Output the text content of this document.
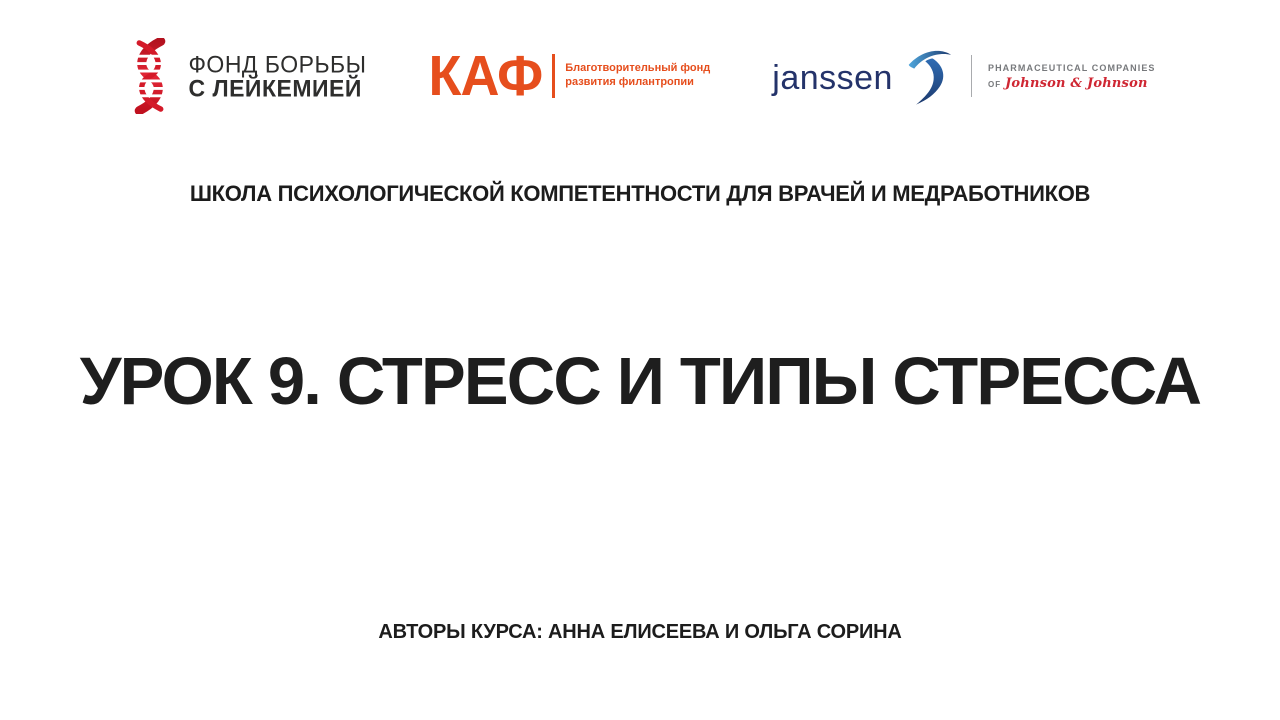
ФОНД БОРЬБЫ
С ЛЕЙКЕМИЕЙ КАФ Благотворительный фонд
развития филантропии	janssen	PHARMACEUTICAL COMPANIES
OF Johnson & Johnson
ШКОЛА ПСИХОЛОГИЧЕСКОЙ КОМПЕТЕНТНОСТИ ДЛЯ ВРАЧЕЙ И МЕДРАБОТНИКОВ
УРОК 9. СТРЕСС И ТИПЫ СТРЕССА
АВТОРЫ КУРСА: АННА ЕЛИСЕЕВА И ОЛЬГА СОРИНА
